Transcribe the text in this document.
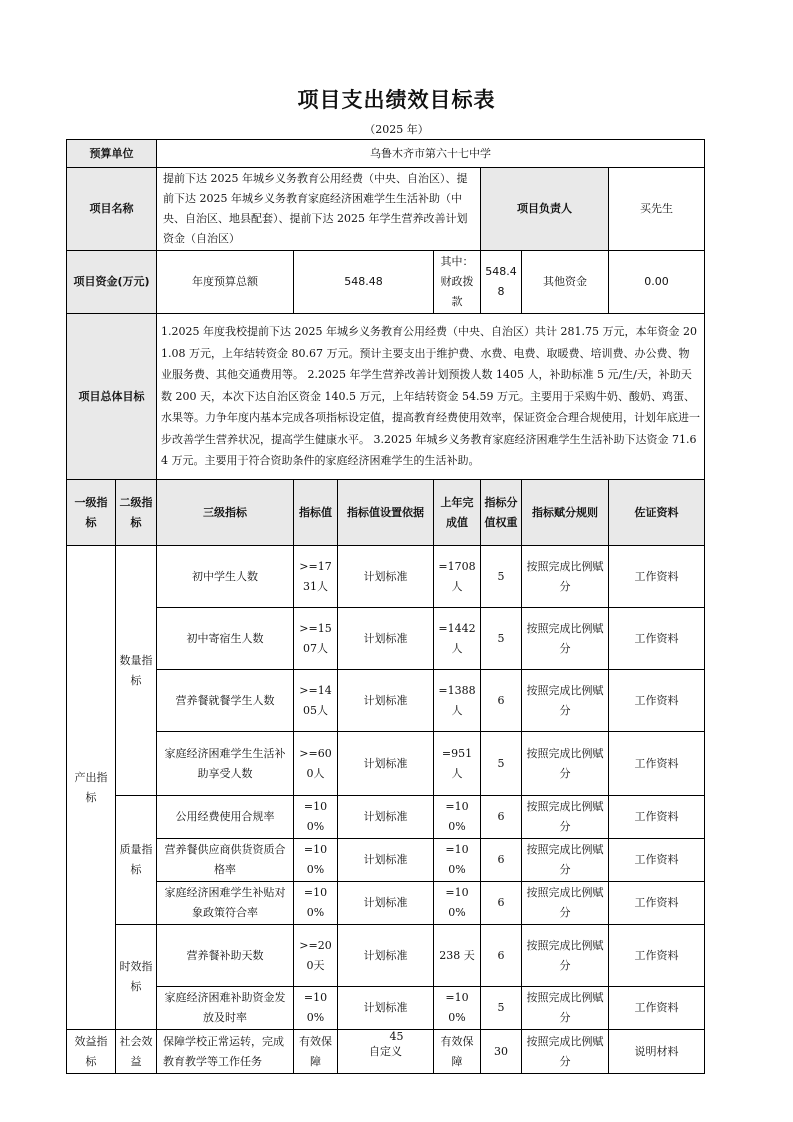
项目支出绩效目标表
（2025 年）
预算单位		乌鲁木齐市第六十七中学						
项目名称		提前下达 2025 年城乡义务教育公用经费（中央、自治区）、提前下达 2025 年城乡义务教育家庭经济困难学生生活补助（中央、自治区、地县配套）、提前下达 2025 年学生营养改善计划资金（自治区）				项目负责人		买先生
项目资金(万元)		年度预算总额	548.48		其中：财政拨款	548.48	其他资金	0.00
项目总体目标		1.2025 年度我校提前下达 2025 年城乡义务教育公用经费（中央、自治区）共计 281.75 万元，本年资金 201.08 万元，上年结转资金 80.67 万元。预计主要支出于维护费、水费、电费、取暖费、培训费、办公费、物业服务费、其他交通费用等。 2.2025 年学生营养改善计划预拨人数 1405 人，补助标准 5 元/生/天，补助天数 200 天，本次下达自治区资金 140.5 万元，上年结转资金 54.59 万元。主要用于采购牛奶、酸奶、鸡蛋、水果等。力争年度内基本完成各项指标设定值，提高教育经费使用效率，保证资金合理合规使用，计划年底进一步改善学生营养状况，提高学生健康水平。 3.2025 年城乡义务教育家庭经济困难学生生活补助下达资金 71.64 万元。主要用于符合资助条件的家庭经济困难学生的生活补助。						
一级指标	二级指标	三级指标	指标值	指标值设置依据	上年完成值	指标分值权重	指标赋分规则	佐证资料
产出指标	数量指标	初中学生人数	>=1731人	计划标准	=1708人	5	按照完成比例赋分	工作资料
		初中寄宿生人数	>=1507人	计划标准	=1442人	5	按照完成比例赋分	工作资料
		营养餐就餐学生人数	>=1405人	计划标准	=1388人	6	按照完成比例赋分	工作资料
		家庭经济困难学生生活补助享受人数	>=600人	计划标准	=951人	5	按照完成比例赋分	工作资料
	质量指标	公用经费使用合规率	=100%	计划标准	=100%	6	按照完成比例赋分	工作资料
		营养餐供应商供货资质合格率	=100%	计划标准	=100%	6	按照完成比例赋分	工作资料
		家庭经济困难学生补贴对象政策符合率	=100%	计划标准	=100%	6	按照完成比例赋分	工作资料
	时效指标	营养餐补助天数	>=200天	计划标准	238 天	6	按照完成比例赋分	工作资料
		家庭经济困难补助资金发放及时率	=100%	计划标准	=100%	5	按照完成比例赋分	工作资料
效益指标	社会效益	保障学校正常运转，完成教育教学等工作任务	有效保障	自定义	有效保障	30	按照完成比例赋分	说明材料
45
